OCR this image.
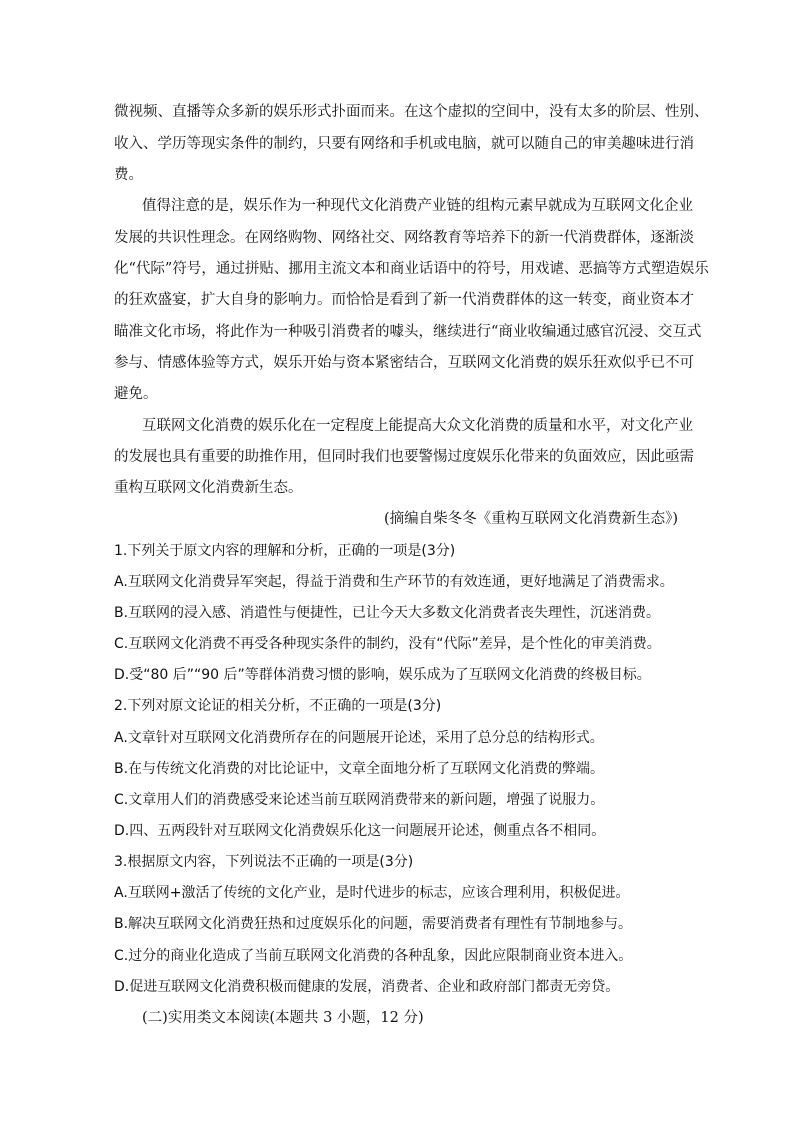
微视频、直播等众多新的娱乐形式扑面而来。在这个虚拟的空间中，没有太多的阶层、性别、
收入、学历等现实条件的制约，只要有网络和手机或电脑，就可以随自己的审美趣味进行消
费。
值得注意的是，娱乐作为一种现代文化消费产业链的组构元素早就成为互联网文化企业
发展的共识性理念。在网络购物、网络社交、网络教育等培养下的新一代消费群体，逐渐淡
化“代际”符号，通过拼贴、挪用主流文本和商业话语中的符号，用戏谑、恶搞等方式塑造娱乐
的狂欢盛宴，扩大自身的影响力。而恰恰是看到了新一代消费群体的这一转变，商业资本才
瞄准文化市场，将此作为一种吸引消费者的噱头，继续进行“商业收编通过感官沉浸、交互式
参与、情感体验等方式，娱乐开始与资本紧密结合，互联网文化消费的娱乐狂欢似乎已不可
避免。
互联网文化消费的娱乐化在一定程度上能提高大众文化消费的质量和水平，对文化产业
的发展也具有重要的助推作用，但同时我们也要警惕过度娱乐化带来的负面效应，因此亟需
重构互联网文化消费新生态。
(摘编自柴冬冬《重构互联网文化消费新生态》)
1.下列关于原文内容的理解和分析，正确的一项是(3分)
A.互联网文化消费异军突起，得益于消费和生产环节的有效连通，更好地满足了消费需求。
B.互联网的浸入感、消遣性与便捷性，已让今天大多数文化消费者丧失理性，沉迷消费。
C.互联网文化消费不再受各种现实条件的制约，没有“代际”差异，是个性化的审美消费。
D.受“80 后”“90 后”等群体消费习惯的影响，娱乐成为了互联网文化消费的终极目标。
2.下列对原文论证的相关分析，不正确的一项是(3分)
A.文章针对互联网文化消费所存在的问题展开论述，采用了总分总的结构形式。
B.在与传统文化消费的对比论证中，文章全面地分析了互联网文化消费的弊端。
C.文章用人们的消费感受来论述当前互联网消费带来的新问题，增强了说服力。
D.四、五两段针对互联网文化消费娱乐化这一问题展开论述，侧重点各不相同。
3.根据原文内容，下列说法不正确的一项是(3分)
A.互联网+激活了传统的文化产业，是时代进步的标志，应该合理利用，积极促进。
B.解决互联网文化消费狂热和过度娱乐化的问题，需要消费者有理性有节制地参与。
C.过分的商业化造成了当前互联网文化消费的各种乱象，因此应限制商业资本进入。
D.促进互联网文化消费积极而健康的发展，消费者、企业和政府部门都责无旁贷。
(二)实用类文本阅读(本题共 3 小题，12 分)
